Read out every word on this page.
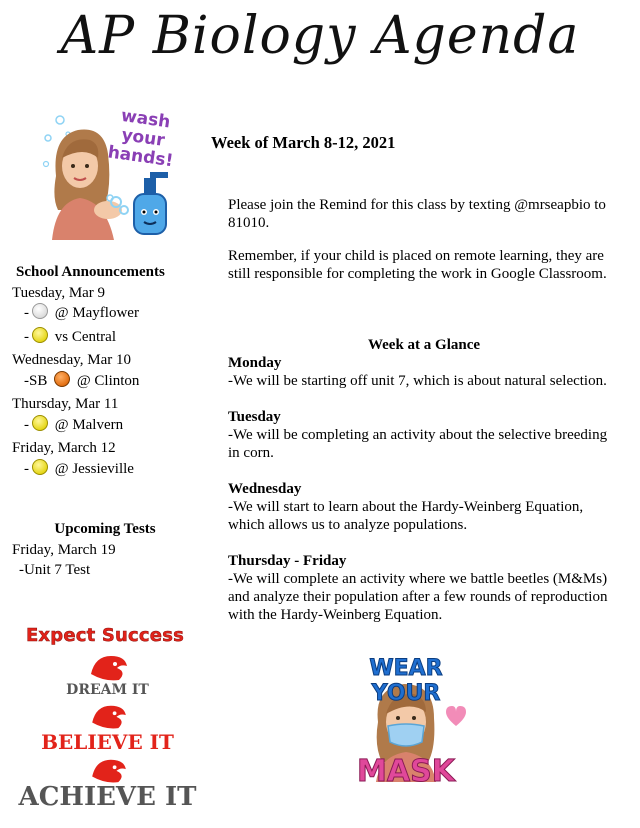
AP Biology Agenda
wash your hands!	Week of March 8-12, 2021
Please join the Remind for this class by texting @mrseapbio to 81010.
Remember, if your child is placed on remote learning, they are still responsible for completing the work in Google Classroom.
School Announcements
Tuesday, Mar 9
- @ Mayflower
- vs Central
Wednesday, Mar 10
-SB  @ Clinton
Thursday, Mar 11
- @ Malvern
Friday, March 12
- @ Jessieville
Upcoming Tests
Friday, March 19
-Unit 7 Test
Week at a Glance
Monday
-We will be starting off unit 7, which is about natural selection.
Tuesday
-We will be completing an activity about the selective breeding in corn.
Wednesday
-We will start to learn about the Hardy-Weinberg Equation, which allows us to analyze populations.
Thursday - Friday
-We will complete an activity where we battle beetles (M&Ms) and analyze their population after a few rounds of reproduction with the Hardy-Weinberg Equation.
Expect Success
DREAM IT
BELIEVE IT
ACHIEVE IT
WEAR YOUR
MASK
